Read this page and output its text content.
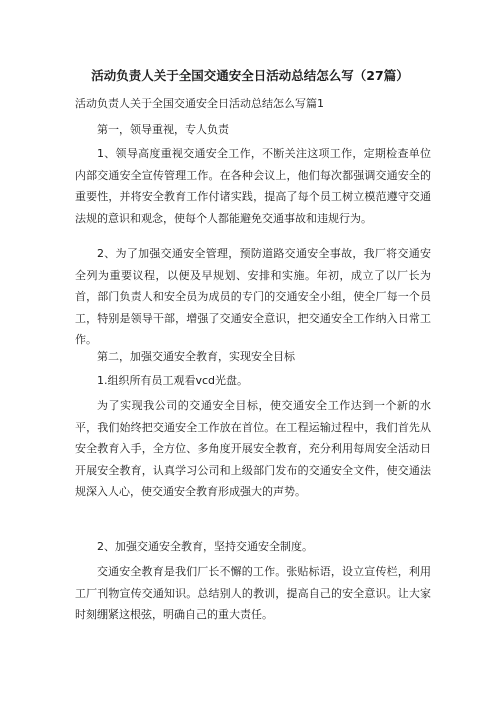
活动负责人关于全国交通安全日活动总结怎么写（27篇）
活动负责人关于全国交通安全日活动总结怎么写篇1

第一，领导重视，专人负责

1、领导高度重视交通安全工作，不断关注这项工作，定期检查单位内部交通安全宣传管理工作。在各种会议上，他们每次都强调交通安全的重要性，并将安全教育工作付诸实践，提高了每个员工树立模范遵守交通法规的意识和观念，使每个人都能避免交通事故和违规行为。

2、为了加强交通安全管理，预防道路交通安全事故，我厂将交通安全列为重要议程，以便及早规划、安排和实施。年初，成立了以厂长为首，部门负责人和安全员为成员的专门的交通安全小组，使全厂每一个员工，特别是领导干部，增强了交通安全意识，把交通安全工作纳入日常工作。

第二，加强交通安全教育，实现安全目标

1.组织所有员工观看vcd光盘。

为了实现我公司的交通安全目标，使交通安全工作达到一个新的水平，我们始终把交通安全工作放在首位。在工程运输过程中，我们首先从安全教育入手，全方位、多角度开展安全教育，充分利用每周安全活动日开展安全教育，认真学习公司和上级部门发布的交通安全文件，使交通法规深入人心，使交通安全教育形成强大的声势。

2、加强交通安全教育，坚持交通安全制度。

交通安全教育是我们厂长不懈的工作。张贴标语，设立宣传栏，利用工厂刊物宣传交通知识。总结别人的教训，提高自己的安全意识。让大家时刻绷紧这根弦，明确自己的重大责任。
